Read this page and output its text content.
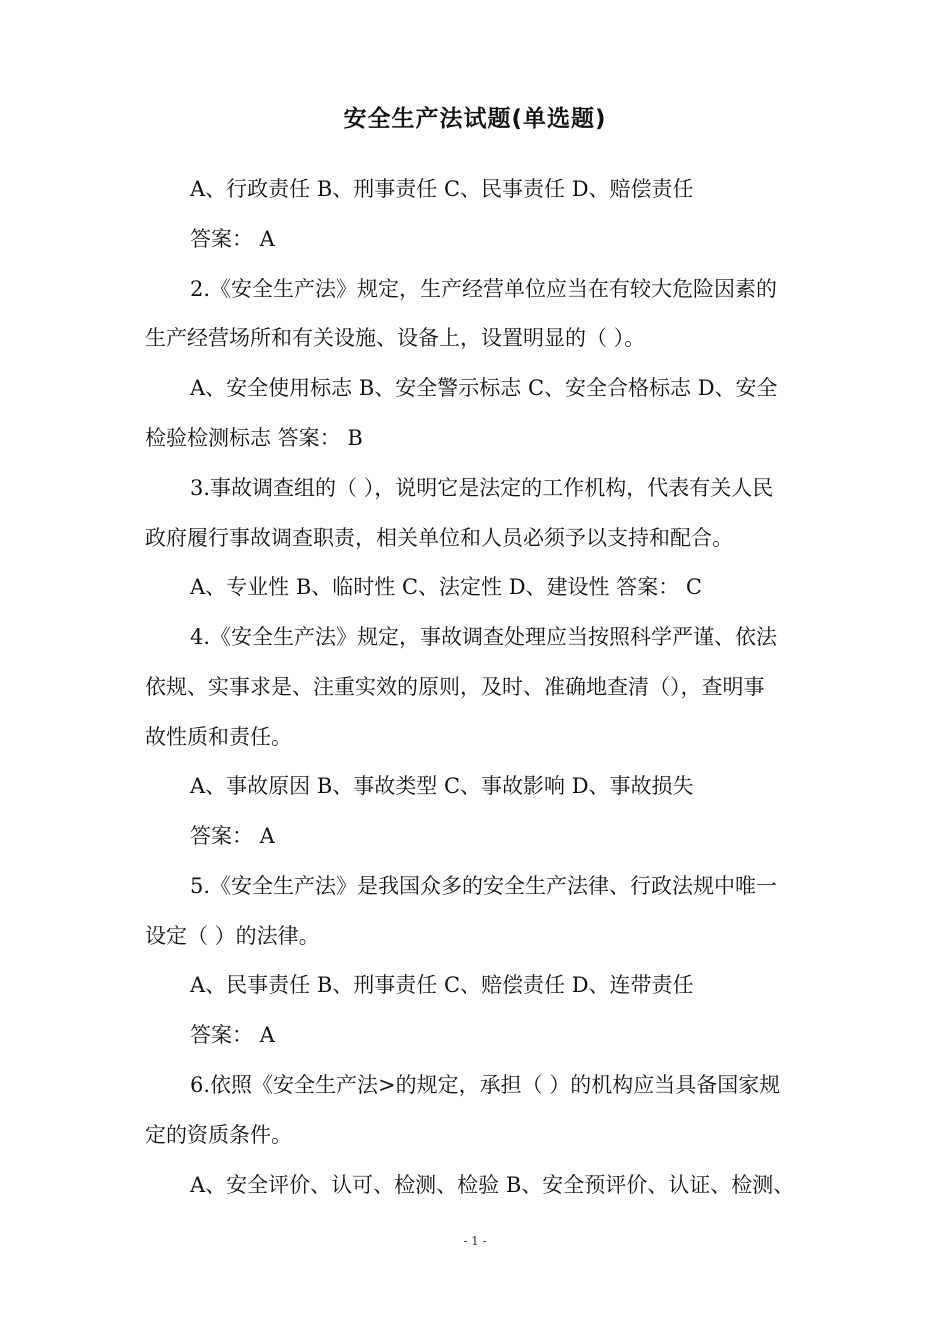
安全生产法试题(单选题)
A、行政责任 B、刑事责任 C、民事责任 D、赔偿责任
答案： A
2.《安全生产法》规定，生产经营单位应当在有较大危险因素的
生产经营场所和有关设施、设备上，设置明显的（ ）。
A、安全使用标志 B、安全警示标志 C、安全合格标志 D、安全
检验检测标志 答案： B
3.事故调查组的（ ），说明它是法定的工作机构，代表有关人民
政府履行事故调查职责，相关单位和人员必须予以支持和配合。
A、专业性 B、临时性 C、法定性 D、建设性 答案： C
4.《安全生产法》规定，事故调查处理应当按照科学严谨、依法
依规、实事求是、注重实效的原则，及时、准确地查清（），查明事
故性质和责任。
A、事故原因 B、事故类型 C、事故影响 D、事故损失
答案： A
5.《安全生产法》是我国众多的安全生产法律、行政法规中唯一
设定（ ）的法律。
A、民事责任 B、刑事责任 C、赔偿责任 D、连带责任
答案： A
6.依照《安全生产法>的规定，承担（ ）的机构应当具备国家规
定的资质条件。
A、安全评价、认可、检测、检验 B、安全预评价、认证、检测、
- 1 -
